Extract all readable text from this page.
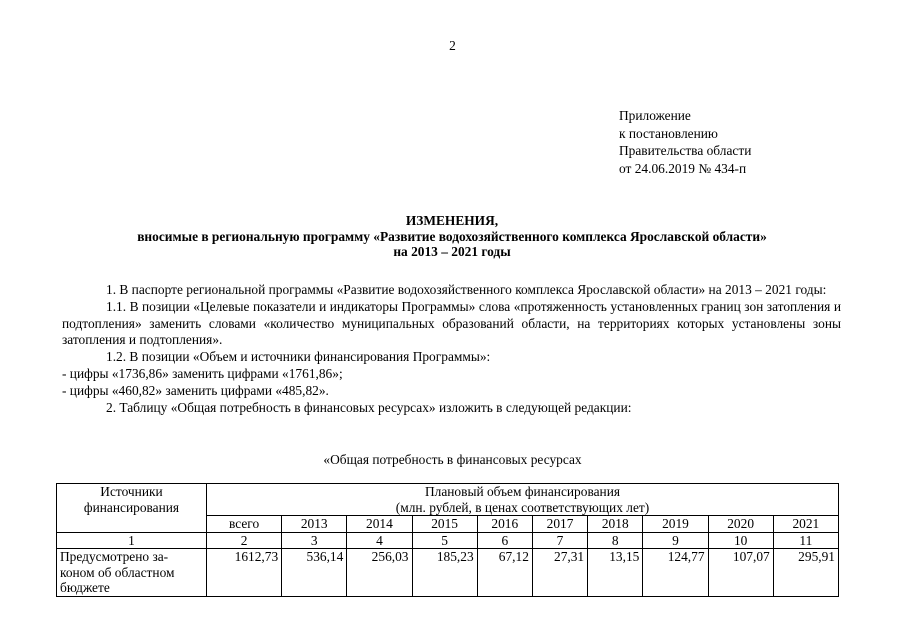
2
Приложение
к постановлению
Правительства области
от 24.06.2019 № 434-п
ИЗМЕНЕНИЯ,
вносимые в региональную программу «Развитие водохозяйственного комплекса Ярославской области»
на 2013 – 2021 годы

1. В паспорте региональной программы «Развитие водохозяйственного комплекса Ярославской области» на 2013 – 2021 годы:

1.1. В позиции «Целевые показатели и индикаторы Программы» слова «протяженность установленных границ зон затопления и подтопления» заменить словами «количество муниципальных образований области, на территориях которых установлены зоны затопления и подтопления».

1.2. В позиции «Объем и источники финансирования Программы»:

- цифры «1736,86» заменить цифрами «1761,86»;

- цифры «460,82» заменить цифрами «485,82».

2. Таблицу «Общая потребность в финансовых ресурсах» изложить в следующей редакции:

«Общая потребность в финансовых ресурсах
Источники финансирования	Плановый объем финансирования
(млн. рублей, в ценах соответствующих лет)									

	всего	2013	2014	2015	2016	2017	2018	2019	2020	2021
1	2	3	4	5	6	7	8	9	10	11
Предусмотрено за-
коном об областном
бюджете	1612,73	536,14	256,03	185,23	67,12	27,31	13,15	124,77	107,07	295,91
